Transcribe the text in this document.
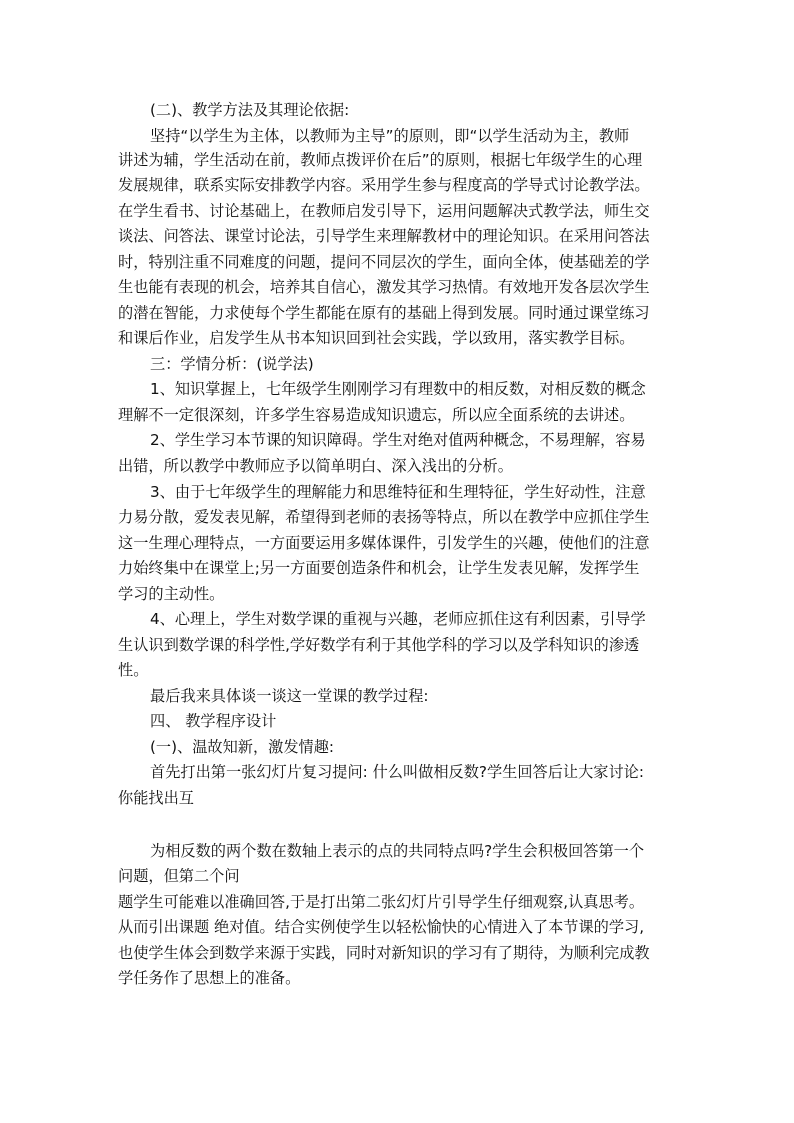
(二)、教学方法及其理论依据:
坚持“以学生为主体，以教师为主导”的原则，即“以学生活动为主，教师
讲述为辅，学生活动在前，教师点拨评价在后”的原则，根据七年级学生的心理
发展规律，联系实际安排教学内容。采用学生参与程度高的学导式讨论教学法。
在学生看书、讨论基础上，在教师启发引导下，运用问题解决式教学法，师生交
谈法、问答法、课堂讨论法，引导学生来理解教材中的理论知识。在采用问答法
时，特别注重不同难度的问题，提问不同层次的学生，面向全体，使基础差的学
生也能有表现的机会，培养其自信心，激发其学习热情。有效地开发各层次学生
的潜在智能，力求使每个学生都能在原有的基础上得到发展。同时通过课堂练习
和课后作业，启发学生从书本知识回到社会实践，学以致用，落实教学目标。
三：学情分析：(说学法)
1、知识掌握上，七年级学生刚刚学习有理数中的相反数，对相反数的概念
理解不一定很深刻，许多学生容易造成知识遗忘，所以应全面系统的去讲述。
2、学生学习本节课的知识障碍。学生对绝对值两种概念，不易理解，容易
出错，所以教学中教师应予以简单明白、深入浅出的分析。
3、由于七年级学生的理解能力和思维特征和生理特征，学生好动性，注意
力易分散，爱发表见解，希望得到老师的表扬等特点，所以在教学中应抓住学生
这一生理心理特点，一方面要运用多媒体课件，引发学生的兴趣，使他们的注意
力始终集中在课堂上;另一方面要创造条件和机会，让学生发表见解，发挥学生
学习的主动性。
4、心理上，学生对数学课的重视与兴趣，老师应抓住这有利因素，引导学
生认识到数学课的科学性,学好数学有利于其他学科的学习以及学科知识的渗透
性。
最后我来具体谈一谈这一堂课的教学过程:
四、 教学程序设计
(一)、温故知新，激发情趣:
首先打出第一张幻灯片复习提问: 什么叫做相反数?学生回答后让大家讨论:
你能找出互
为相反数的两个数在数轴上表示的点的共同特点吗?学生会积极回答第一个
问题，但第二个问
题学生可能难以准确回答,于是打出第二张幻灯片引导学生仔细观察,认真思考。
从而引出课题 绝对值。结合实例使学生以轻松愉快的心情进入了本节课的学习,
也使学生体会到数学来源于实践，同时对新知识的学习有了期待，为顺利完成教
学任务作了思想上的准备。
